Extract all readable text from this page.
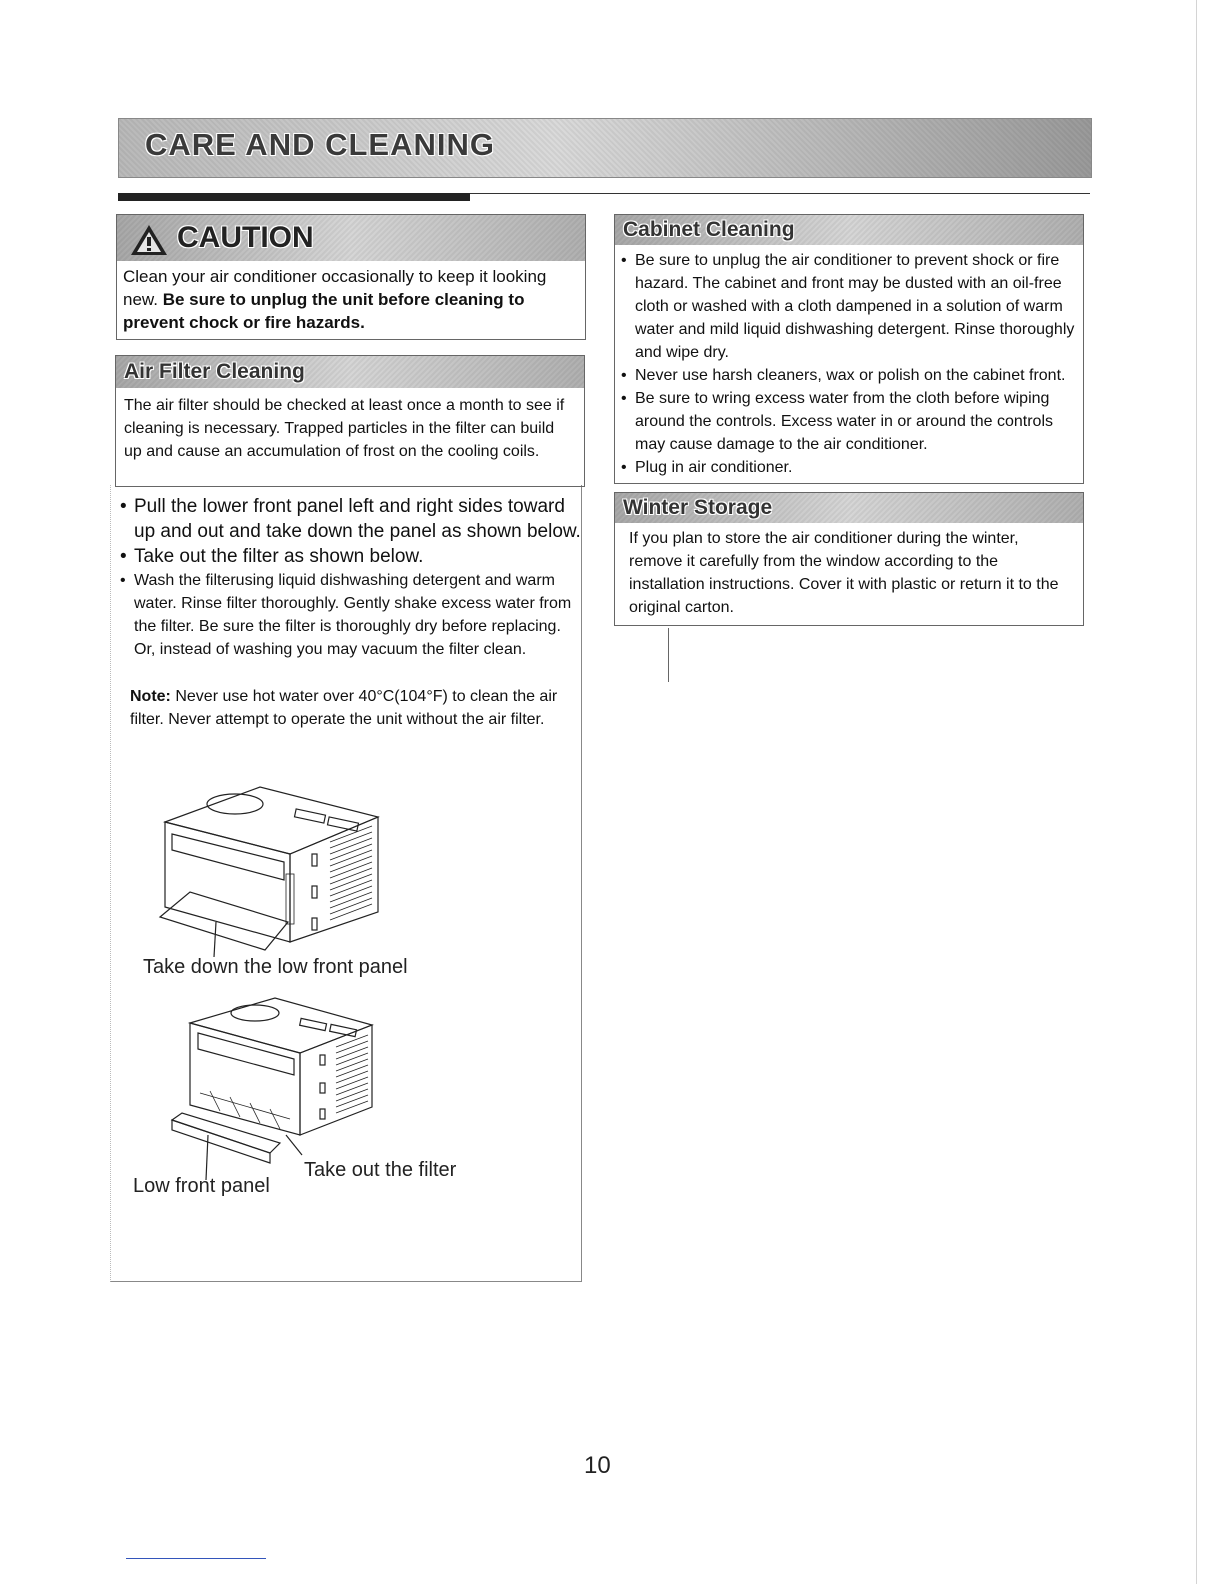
CARE AND CLEANING
CAUTION
Clean your air conditioner occasionally to keep it looking new. Be sure to unplug the unit before cleaning to prevent chock or fire hazards.
Air Filter Cleaning
The air filter should be checked at least once a month to see if cleaning is necessary. Trapped particles in the filter can build up and cause an accumulation of frost on the cooling coils.
• Pull the lower front panel left and right sides toward up and out and take down the panel as shown below.
• Take out the filter as shown below.
• Wash the filterusing liquid dishwashing detergent and warm water. Rinse filter thoroughly. Gently shake excess water from the filter. Be sure the filter is thoroughly dry before replacing. Or, instead of washing you may vacuum the filter clean.
Note: Never use hot water over 40°C(104°F) to clean the air filter. Never attempt to operate the unit without the air filter.
Take down the low front panel
Take out the filter
Low front panel
Cabinet Cleaning
• Be sure to unplug the air conditioner to prevent shock or fire hazard. The cabinet and front may be dusted with an oil-free cloth or washed with a cloth dampened in a solution of warm water and mild liquid dishwashing detergent. Rinse thoroughly and wipe dry.
• Never use harsh cleaners, wax or polish on the cabinet front.
• Be sure to wring excess water from the cloth before wiping around the controls. Excess water in or around the controls may cause damage to the air conditioner.
• Plug in air conditioner.
Winter Storage
If you plan to store the air conditioner during the winter, remove it carefully from the window according to the installation instructions. Cover it with plastic or return it to the original carton.
10
